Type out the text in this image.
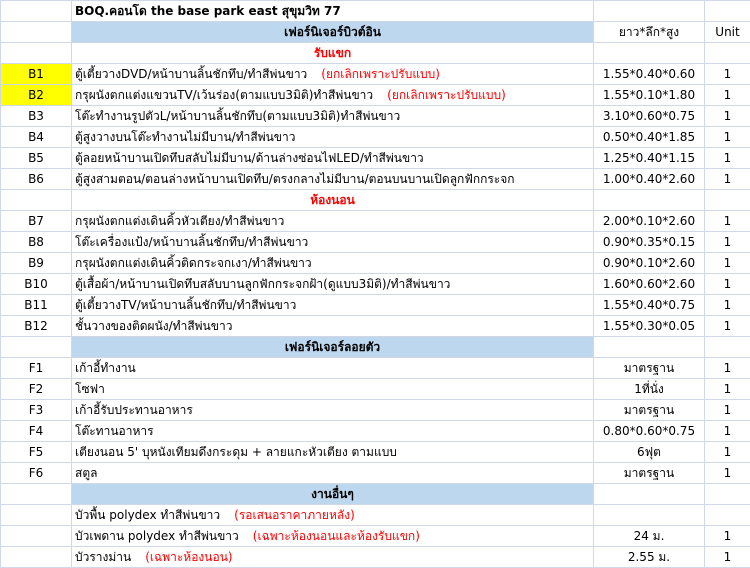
	BOQ.คอนโด the base park east สุขุมวิท 77		
	เฟอร์นิเจอร์บิวต์อิน	ยาว*ลึก*สูง	Unit
	รับแขก		
B1	ตู้เตี้ยวางDVD/หน้าบานลิ้นชักทึบ/ทำสีพ่นขาว (ยกเลิกเพราะปรับแบบ)	1.55*0.40*0.60	1
B2	กรุผนังตกแต่งแขวนTV/เว้นร่อง(ตามแบบ3มิติ)ทำสีพ่นขาว (ยกเลิกเพราะปรับแบบ)	1.55*0.10*1.80	1
B3	โต๊ะทำงานรูปตัวL/หน้าบานลิ้นชักทึบ(ตามแบบ3มิติ)ทำสีพ่นขาว	3.10*0.60*0.75	1
B4	ตู้สูงวางบนโต๊ะทำงานไม่มีบาน/ทำสีพ่นขาว	0.50*0.40*1.85	1
B5	ตู้ลอยหน้าบานเปิดทึบสลับไม่มีบาน/ด้านล่างซ่อนไฟLED/ทำสีพ่นขาว	1.25*0.40*1.15	1
B6	ตู้สูงสามตอน/ตอนล่างหน้าบานเปิดทึบ/ตรงกลางไม่มีบาน/ตอนบนบานเปิดลูกฟักกระจก	1.00*0.40*2.60	1
	ห้องนอน		
B7	กรุผนังตกแต่งเดินคิ้วหัวเตียง/ทำสีพ่นขาว	2.00*0.10*2.60	1
B8	โต๊ะเครื่องแป้ง/หน้าบานลิ้นชักทึบ/ทำสีพ่นขาว	0.90*0.35*0.15	1
B9	กรุผนังตกแต่งเดินคิ้วติดกระจกเงา/ทำสีพ่นขาว	0.90*0.10*2.60	1
B10	ตู้เสื้อผ้า/หน้าบานเปิดทึบสลับบานลูกฟักกระจกฝ้า(ดูแบบ3มิติ)/ทำสีพ่นขาว	1.60*0.60*2.60	1
B11	ตู้เตี้ยวางTV/หน้าบานลิ้นชักทึบ/ทำสีพ่นขาว	1.55*0.40*0.75	1
B12	ชั้นวางของติดผนัง/ทำสีพ่นขาว	1.55*0.30*0.05	1
	เฟอร์นิเจอร์ลอยตัว		
F1	เก้าอี้ทำงาน	มาตรฐาน	1
F2	โซฟา	1ที่นั่ง	1
F3	เก้าอี้รับประทานอาหาร	มาตรฐาน	1
F4	โต๊ะทานอาหาร	0.80*0.60*0.75	1
F5	เตียงนอน 5' บุหนังเทียมดึงกระดุม + ลายแกะหัวเตียง ตามแบบ	6ฟุต	1
F6	สตูล	มาตรฐาน	1
	งานอื่นๆ		
	บัวพื้น polydex ทำสีพ่นขาว (รอเสนอราคาภายหลัง)		
	บัวเพดาน polydex ทำสีพ่นขาว (เฉพาะห้องนอนและห้องรับแขก)	24 ม.	1
	บัวรางม่าน (เฉพาะห้องนอน)	2.55 ม.	1
